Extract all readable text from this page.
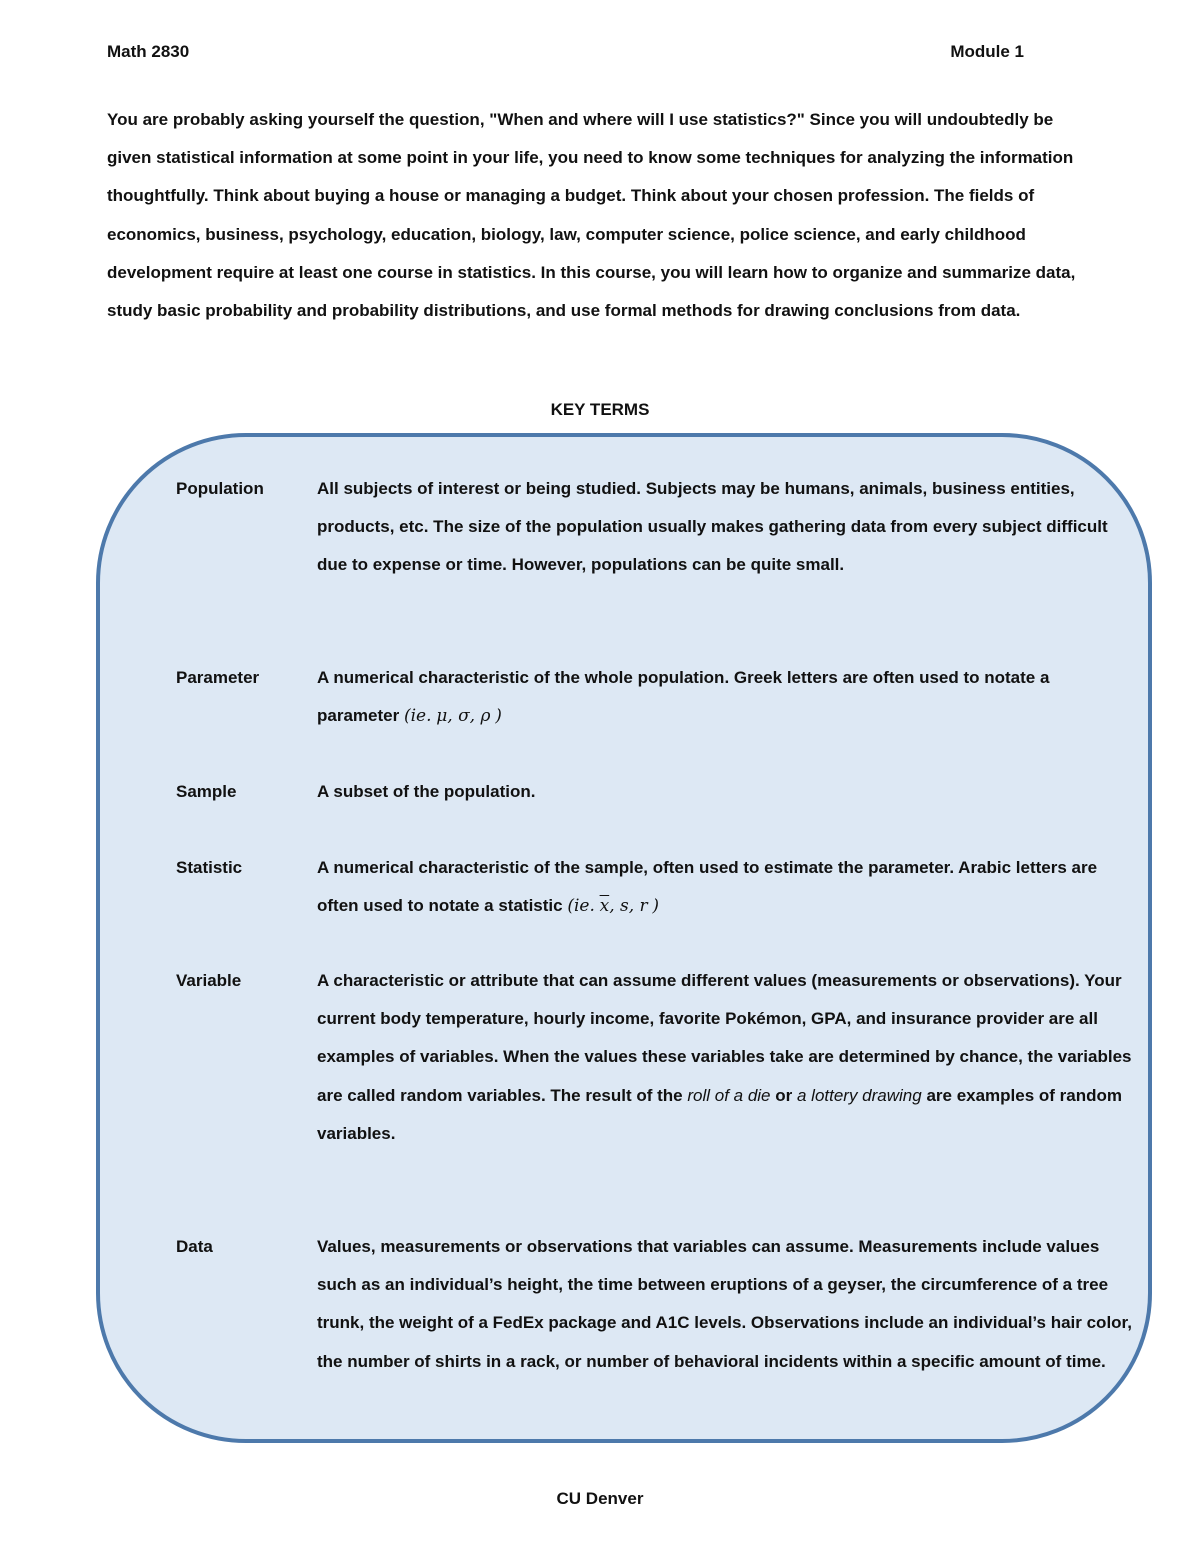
Math 2830	Module 1

You are probably asking yourself the question, "When and where will I use statistics?" Since you will undoubtedly be given statistical information at some point in your life, you need to know some techniques for analyzing the information thoughtfully. Think about buying a house or managing a budget. Think about your chosen profession. The fields of economics, business, psychology, education, biology, law, computer science, police science, and early childhood development require at least one course in statistics. In this course, you will learn how to organize and summarize data, study basic probability and probability distributions, and use formal methods for drawing conclusions from data.

KEY TERMS
Population	All subjects of interest or being studied. Subjects may be humans, animals, business entities, products, etc. The size of the population usually makes gathering data from every subject difficult due to expense or time. However, populations can be quite small.
Parameter	A numerical characteristic of the whole population. Greek letters are often used to notate a parameter (ie. μ, σ, ρ )
Sample	A subset of the population.
Statistic	A numerical characteristic of the sample, often used to estimate the parameter. Arabic letters are often used to notate a statistic (ie. $\overline{x}$, s, r )
Variable	A characteristic or attribute that can assume different values (measurements or observations). Your current body temperature, hourly income, favorite Pokémon, GPA, and insurance provider are all examples of variables. When the values these variables take are determined by chance, the variables are called random variables. The result of the roll of a die or a lottery drawing are examples of random variables.
Data	Values, measurements or observations that variables can assume. Measurements include values such as an individual’s height, the time between eruptions of a geyser, the circumference of a tree trunk, the weight of a FedEx package and A1C levels. Observations include an individual’s hair color, the number of shirts in a rack, or number of behavioral incidents within a specific amount of time.
CU Denver
